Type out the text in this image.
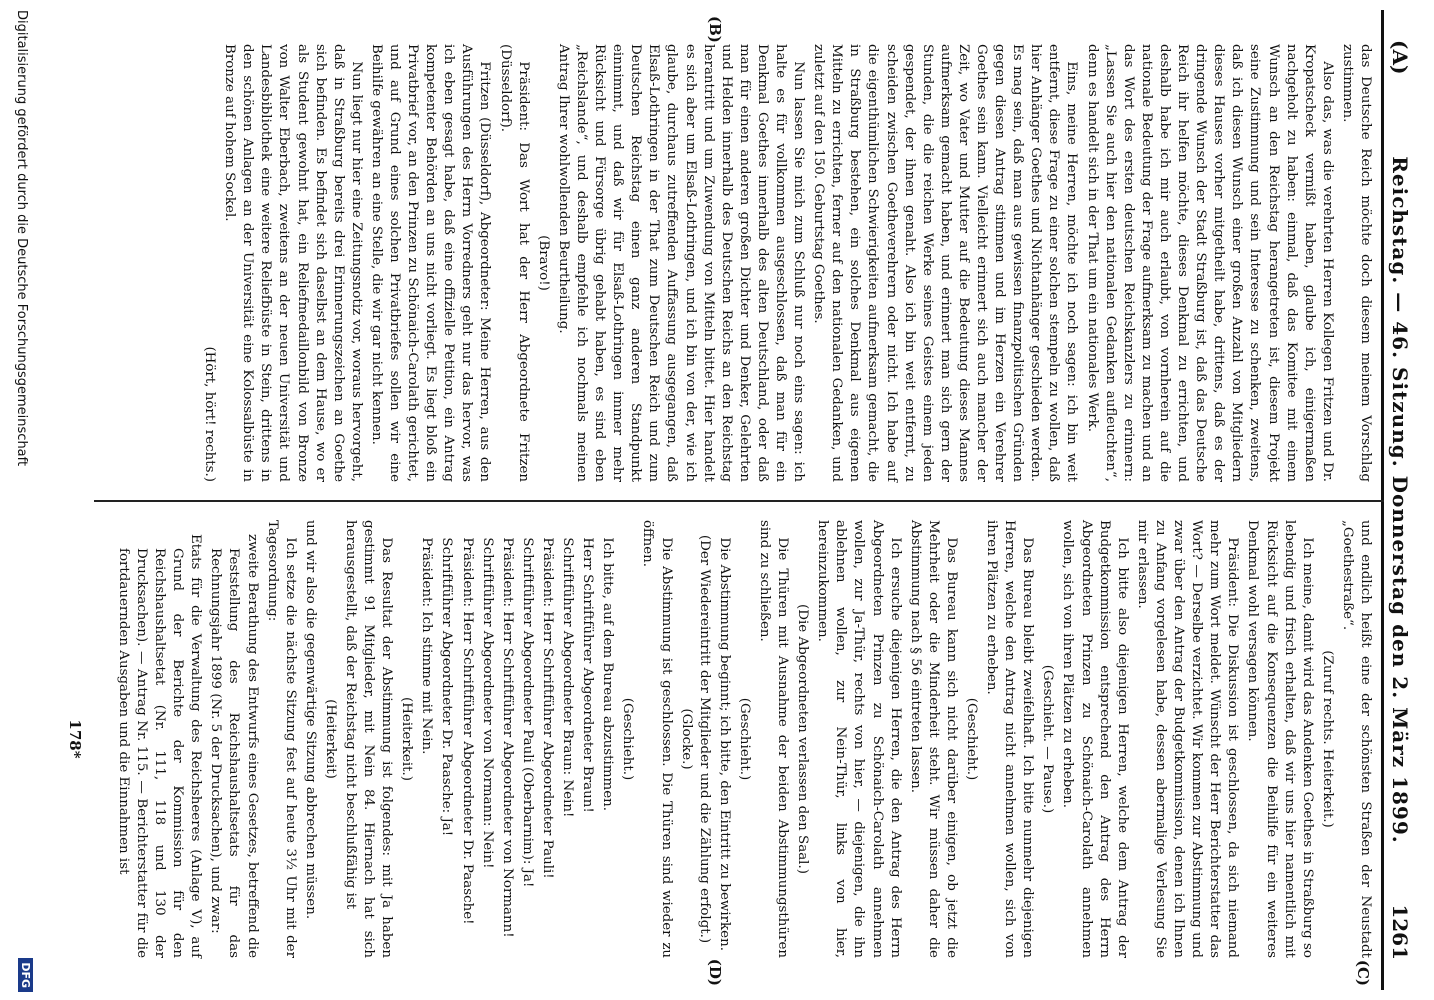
(A)
Reichstag. — 46. Sitzung. Donnerstag den 2. März 1899.
1261
(B)
(C)
(D)

das Deutsche Reich möchte doch diesem meinem Vorschlag zustimmen.

Also das, was die verehrten Herren Kollegen Fritzen und Dr. Kropatscheck vermißt haben, glaube ich, einigermaßen nachgeholt zu haben: einmal, daß das Komitee mit einem Wunsch an den Reichstag herangetreten ist, diesem Projekt seine Zustimmung und sein Interesse zu schenken, zweitens, daß ich diesen Wunsch einer großen Anzahl von Mitgliedern dieses Hauses vorher mitgetheilt habe, drittens, daß es der dringende Wunsch der Stadt Straßburg ist, daß das Deutsche Reich ihr helfen möchte, dieses Denkmal zu errichten, und deshalb habe ich mir auch erlaubt, von vornherein auf die nationale Bedeutung der Frage aufmerksam zu machen und an das Wort des ersten deutschen Reichskanzlers zu erinnern: „Lassen Sie auch hier den nationalen Gedanken aufleuchten“, denn es handelt sich in der That um ein nationales Werk.

Eins, meine Herren, möchte ich noch sagen: ich bin weit entfernt, diese Frage zu einer solchen stempeln zu wollen, daß hier Anhänger Goethes und Nichtanhänger geschieden werden. Es mag sein, daß man aus gewissen finanzpolitischen Gründen gegen diesen Antrag stimmen und im Herzen ein Verehrer Goethes sein kann. Vielleicht erinnert sich auch mancher der Zeit, wo Vater und Mutter auf die Bedeutung dieses Mannes aufmerksam gemacht haben, und erinnert man sich gern der Stunden, die die reichen Werke seines Geistes einem jeden gespendet, der ihnen genaht. Also ich bin weit entfernt, zu scheiden zwischen Goetheverehrern oder nicht. Ich habe auf die eigenthümlichen Schwierigkeiten aufmerksam gemacht, die in Straßburg bestehen, ein solches Denkmal aus eigenen Mitteln zu errichten, ferner auf den nationalen Gedanken, und zuletzt auf den 150. Geburtstag Goethes.

Nun lassen Sie mich zum Schluß nur noch eins sagen: ich halte es für vollkommen ausgeschlossen, daß man für ein Denkmal Goethes innerhalb des alten Deutschland, oder daß man für einen anderen großen Dichter und Denker, Gelehrten und Helden innerhalb des Deutschen Reichs an den Reichstag herantritt und um Zuwendung von Mitteln bittet. Hier handelt es sich aber um Elsaß-Lothringen, und ich bin von der, wie ich glaube, durchaus zutreffenden Auffassung ausgegangen, daß Elsaß-Lothringen in der That zum Deutschen Reich und zum Deutschen Reichstag einen ganz anderen Standpunkt einnimmt, und daß wir für Elsaß-Lothringen immer mehr Rücksicht und Fürsorge übrig gehabt haben, es sind eben „Reichslande“, und deshalb empfehle ich nochmals meinen Antrag Ihrer wohlwollenden Beurtheilung.

(Bravo!)

Präsident: Das Wort hat der Herr Abgeordnete Fritzen (Düsseldorf).

Fritzen (Düsseldorf), Abgeordneter: Meine Herren, aus den Ausführungen des Herrn Vorredners geht nur das hervor, was ich eben gesagt habe, daß eine offizielle Petition, ein Antrag kompetenter Behörden an uns nicht vorliegt. Es liegt bloß ein Privatbrief vor, an den Prinzen zu Schönaich-Carolath gerichtet, und auf Grund eines solchen Privatbriefes sollen wir eine Beihilfe gewähren an eine Stelle, die wir gar nicht kennen.

Nun liegt nur hier eine Zeitungsnotiz vor, woraus hervorgeht, daß in Straßburg bereits drei Erinnerungszeichen an Goethe sich befinden. Es befindet sich daselbst an dem Hause, wo er als Student gewohnt hat, ein Reliefmedaillonbild von Bronze von Walter Eberbach, zweitens an der neuen Universität und Landesbibliothek eine weitere Reliefbüste in Stein, drittens in den schönen Anlagen an der Universität eine Kolossalbüste in Bronze auf hohem Sockel.

(Hört, hört! rechts.)

und endlich heißt eine der schönsten Straßen der Neustadt „Goethestraße“.

(Zuruf rechts. Heiterkeit.)

Ich meine, damit wird das Andenken Goethes in Straßburg so lebendig und frisch erhalten, daß wir uns hier namentlich mit Rücksicht auf die Konsequenzen die Beihilfe für ein weiteres Denkmal wohl versagen können.

Präsident: Die Diskussion ist geschlossen, da sich niemand mehr zum Wort meldet. Wünscht der Herr Berichterstatter das Wort? — Derselbe verzichtet. Wir kommen zur Abstimmung und zwar über den Antrag der Budgetkommission, denen ich Ihnen zu Anfang vorgelesen habe, dessen abermalige Verlesung Sie mir erlassen.

Ich bitte also diejenigen Herren, welche dem Antrag der Budgetkommission entsprechend den Antrag des Herrn Abgeordneten Prinzen zu Schönaich-Carolath annehmen wollen, sich von ihren Plätzen zu erheben.

(Geschieht. — Pause.)

Das Bureau bleibt zweifelhaft. Ich bitte nunmehr diejenigen Herren, welche den Antrag nicht annehmen wollen, sich von ihren Plätzen zu erheben.

(Geschieht.)

Das Bureau kann sich nicht darüber einigen, ob jetzt die Mehrheit oder die Minderheit steht. Wir müssen daher die Abstimmung nach § 56 eintreten lassen.

Ich ersuche diejenigen Herren, die den Antrag des Herrn Abgeordneten Prinzen zu Schönaich-Carolath annehmen wollen, zur Ja-Thür, rechts von hier, — diejenigen, die ihn ablehnen wollen, zur Nein-Thür, links von hier, hereinzukommen.

(Die Abgeordneten verlassen den Saal.)

Die Thüren mit Ausnahme der beiden Abstimmungsthüren sind zu schließen.

(Geschieht.)

Die Abstimmung beginnt; ich bitte, den Eintritt zu bewirken.

(Der Wiedereintritt der Mitglieder und die Zählung erfolgt.) (Glocke.)

Die Abstimmung ist geschlossen. Die Thüren sind wieder zu öffnen.

(Geschieht.)

Ich bitte, auf dem Bureau abzustimmen.

Herr Schriftführer Abgeordneter Braun!

Schriftführer Abgeordneter Braun: Nein!

Präsident: Herr Schriftführer Abgeordneter Pauli!

Schriftführer Abgeordneter Pauli (Oberbarnim): Ja!

Präsident: Herr Schriftführer Abgeordneter von Normann!

Schriftführer Abgeordneter von Normann: Nein!

Präsident: Herr Schriftführer Abgeordneter Dr. Paasche!

Schriftführer Abgeordneter Dr. Paasche: Ja!

Präsident: Ich stimme mit Nein.

(Heiterkeit.)

Das Resultat der Abstimmung ist folgendes: mit Ja haben gestimmt 91 Mitglieder, mit Nein 84. Hiernach hat sich herausgestellt, daß der Reichstag nicht beschlußfähig ist

(Heiterkeit)

und wir also die gegenwärtige Sitzung abbrechen müssen.

Ich setze die nächste Sitzung fest auf heute 3½ Uhr mit der Tagesordnung:

zweite Berathung des Entwurfs eines Gesetzes, betreffend die Feststellung des Reichshaushaltsetats für das Rechnungsjahr 1899 (Nr. 5 der Drucksachen), und zwar:

Etats für die Verwaltung des Reichsheeres (Anlage V), auf Grund der Berichte der Kommission für den Reichshaushaltsetat (Nr. 111, 118 und 130 der Drucksachen). — Antrag Nr. 115. — Berichterstatter für die fortdauernden Ausgaben und die Einnahmen ist

178*
Digitalisierung gefördert durch die Deutsche Forschungsgemeinschaft
DFG
